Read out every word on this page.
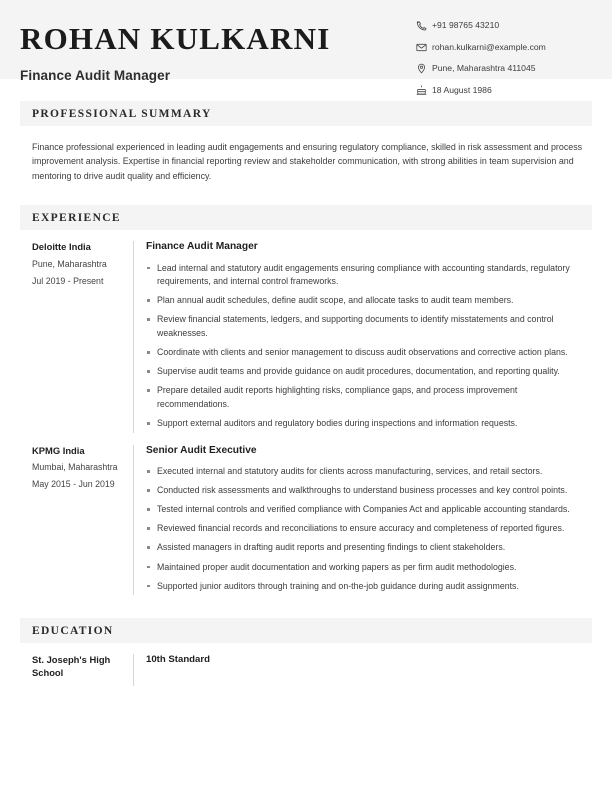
ROHAN KULKARNI
Finance Audit Manager
+91 98765 43210
rohan.kulkarni@example.com
Pune, Maharashtra 411045
18 August 1986
PROFESSIONAL SUMMARY

Finance professional experienced in leading audit engagements and ensuring regulatory compliance, skilled in risk assessment and process improvement analysis. Expertise in financial reporting review and stakeholder communication, with strong abilities in team supervision and mentoring to drive audit quality and efficiency.

EXPERIENCE
Deloitte India
Pune, Maharashtra
Jul 2019 - Present
Finance Audit Manager
Lead internal and statutory audit engagements ensuring compliance with accounting standards, regulatory requirements, and internal control frameworks.
Plan annual audit schedules, define audit scope, and allocate tasks to audit team members.
Review financial statements, ledgers, and supporting documents to identify misstatements and control weaknesses.
Coordinate with clients and senior management to discuss audit observations and corrective action plans.
Supervise audit teams and provide guidance on audit procedures, documentation, and reporting quality.
Prepare detailed audit reports highlighting risks, compliance gaps, and process improvement recommendations.
Support external auditors and regulatory bodies during inspections and information requests.
KPMG India
Mumbai, Maharashtra
May 2015 - Jun 2019
Senior Audit Executive
Executed internal and statutory audits for clients across manufacturing, services, and retail sectors.
Conducted risk assessments and walkthroughs to understand business processes and key control points.
Tested internal controls and verified compliance with Companies Act and applicable accounting standards.
Reviewed financial records and reconciliations to ensure accuracy and completeness of reported figures.
Assisted managers in drafting audit reports and presenting findings to client stakeholders.
Maintained proper audit documentation and working papers as per firm audit methodologies.
Supported junior auditors through training and on-the-job guidance during audit assignments.
EDUCATION
St. Joseph's High School
10th Standard
